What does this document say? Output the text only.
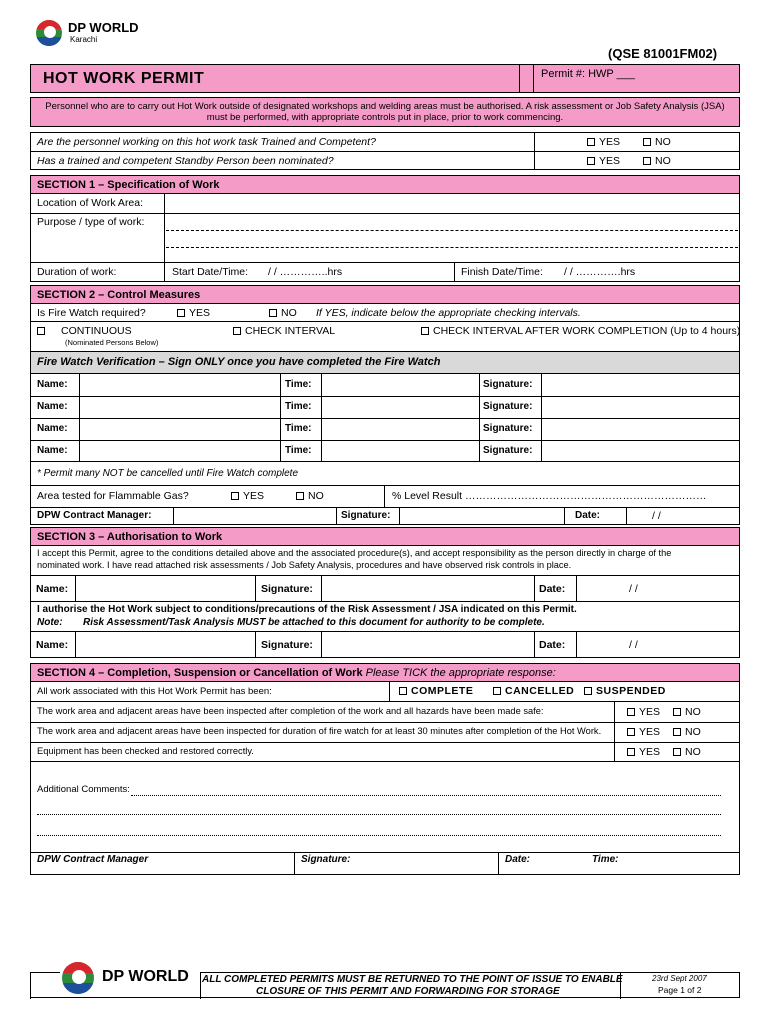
DP WORLD
Karachi
(QSE 81001FM02)
HOT WORK PERMIT	Permit #: HWP ___
Personnel who are to carry out Hot Work outside of designated workshops and welding areas must be authorised. A risk assessment or Job Safety Analysis (JSA)
must be performed, with appropriate controls put in place, prior to work commencing.
Are the personnel working on this hot work task Trained and Competent?
Has a trained and competent Standby Person been nominated?
YES	NO
YES	NO
SECTION 1 – Specification of Work
Location of Work Area:
Purpose / type of work:
Duration of work:	Start Date/Time: / / …………..hrs	Finish Date/Time: / / ………….hrs
SECTION 2 – Control Measures
Is Fire Watch required?	YES	NO If YES, indicate below the appropriate checking intervals.
CONTINUOUS
(Nominated Persons Below)
CHECK INTERVAL	CHECK INTERVAL AFTER WORK COMPLETION (Up to 4 hours)
Fire Watch Verification – Sign ONLY once you have completed the Fire Watch
Name:	Time:	Signature:
Name:	Time:	Signature:
Name:	Time:	Signature:
Name:	Time:	Signature:
* Permit many NOT be cancelled until Fire Watch complete
Area tested for Flammable Gas?	YES	NO	% Level Result ……………………………………………………………
DPW Contract Manager:	Signature:	Date:	/ /
SECTION 3 – Authorisation to Work
I accept this Permit, agree to the conditions detailed above and the associated procedure(s), and accept responsibility as the person directly in charge of the
nominated work. I have read attached risk assessments / Job Safety Analysis, procedures and have observed risk controls in place.
Name:	Signature:	Date:	/ /
I authorise the Hot Work subject to conditions/precautions of the Risk Assessment / JSA indicated on this Permit.
Note: Risk Assessment/Task Analysis MUST be attached to this document for authority to be complete.
Name:	Signature:	Date:	/ /
SECTION 4 – Completion, Suspension or Cancellation of Work Please TICK the appropriate response:
All work associated with this Hot Work Permit has been:	COMPLETE	CANCELLED	SUSPENDED
The work area and adjacent areas have been inspected after completion of the work and all hazards have been made safe:	YES	NO
The work area and adjacent areas have been inspected for duration of fire watch for at least 30 minutes after completion of the Hot Work.	YES	NO
Equipment has been checked and restored correctly.	YES	NO
Additional Comments:
DPW Contract Manager	Signature:	Date:	Time:
ALL COMPLETED PERMITS MUST BE RETURNED TO THE POINT OF ISSUE TO ENABLE
CLOSURE OF THIS PERMIT AND FORWARDING FOR STORAGE
23rd Sept 2007
Page 1 of 2
DP WORLD
